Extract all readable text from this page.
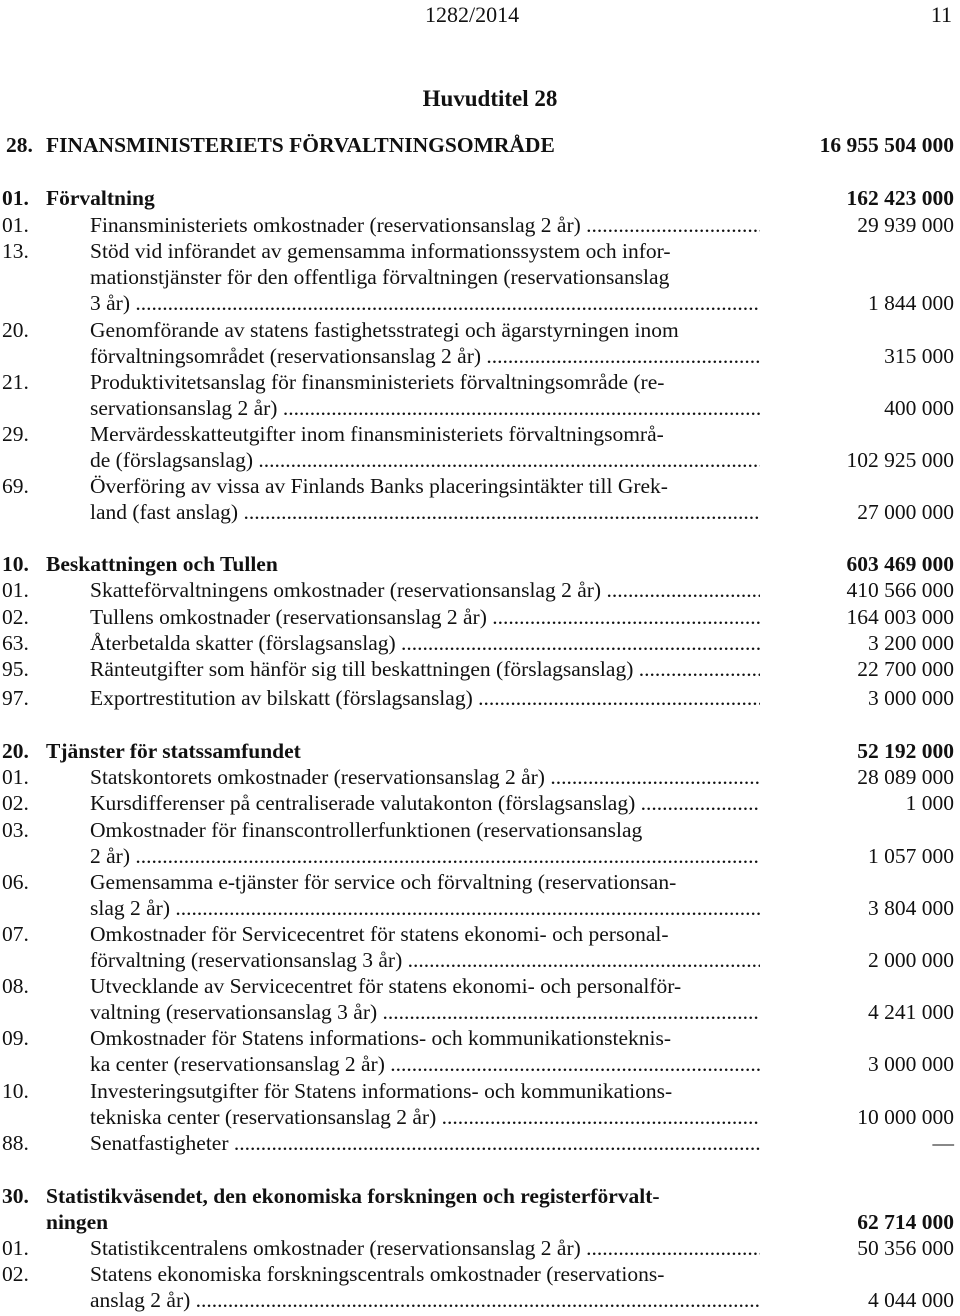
1282/2014	11
Huvudtitel 28
28. FINANSMINISTERIETS FÖRVALTNINGSOMRÅDE	16 955 504 000
01. Förvaltning	162 423 000
01.	Finansministeriets omkostnader (reservationsanslag 2 år) .....	29 939 000
13.	Stöd vid införandet av gemensamma informationssystem och infor-
mationstjänster för den offentliga förvaltningen (reservationsanslag
3 år) .....	1 844 000
20.	Genomförande av statens fastighetsstrategi och ägarstyrningen inom
förvaltningsområdet (reservationsanslag 2 år) .....	315 000
21.	Produktivitetsanslag för finansministeriets förvaltningsområde (re-
servationsanslag 2 år) .....	400 000
29.	Mervärdesskatteutgifter inom finansministeriets förvaltningsområ-
de (förslagsanslag) .....	102 925 000
69.	Överföring av vissa av Finlands Banks placeringsintäkter till Grek-
land (fast anslag) .....	27 000 000
10. Beskattningen och Tullen	603 469 000
01.	Skatteförvaltningens omkostnader (reservationsanslag 2 år) .....	410 566 000
02.	Tullens omkostnader (reservationsanslag 2 år) .....	164 003 000
63.	Återbetalda skatter (förslagsanslag) .....	3 200 000
95.	Ränteutgifter som hänför sig till beskattningen (förslagsanslag) .....	22 700 000
97.	Exportrestitution av bilskatt (förslagsanslag) .....	3 000 000
20. Tjänster för statssamfundet	52 192 000
01.	Statskontorets omkostnader (reservationsanslag 2 år) .....	28 089 000
02.	Kursdifferenser på centraliserade valutakonton (förslagsanslag) .....	1 000
03.	Omkostnader för finanscontrollerfunktionen (reservationsanslag
2 år) .....	1 057 000
06.	Gemensamma e-tjänster för service och förvaltning (reservationsan-
slag 2 år) .....	3 804 000
07.	Omkostnader för Servicecentret för statens ekonomi- och personal-
förvaltning (reservationsanslag 3 år) .....	2 000 000
08.	Utvecklande av Servicecentret för statens ekonomi- och personalför-
valtning (reservationsanslag 3 år) .....	4 241 000
09.	Omkostnader för Statens informations- och kommunikationsteknis-
ka center (reservationsanslag 2 år) .....	3 000 000
10.	Investeringsutgifter för Statens informations- och kommunikations-
tekniska center (reservationsanslag 2 år) .....	10 000 000
88.	Senatfastigheter .....	—
30. Statistikväsendet, den ekonomiska forskningen och registerförvalt-
ningen	62 714 000
01.	Statistikcentralens omkostnader (reservationsanslag 2 år) .....	50 356 000
02.	Statens ekonomiska forskningscentrals omkostnader (reservations-
anslag 2 år) .....	4 044 000
